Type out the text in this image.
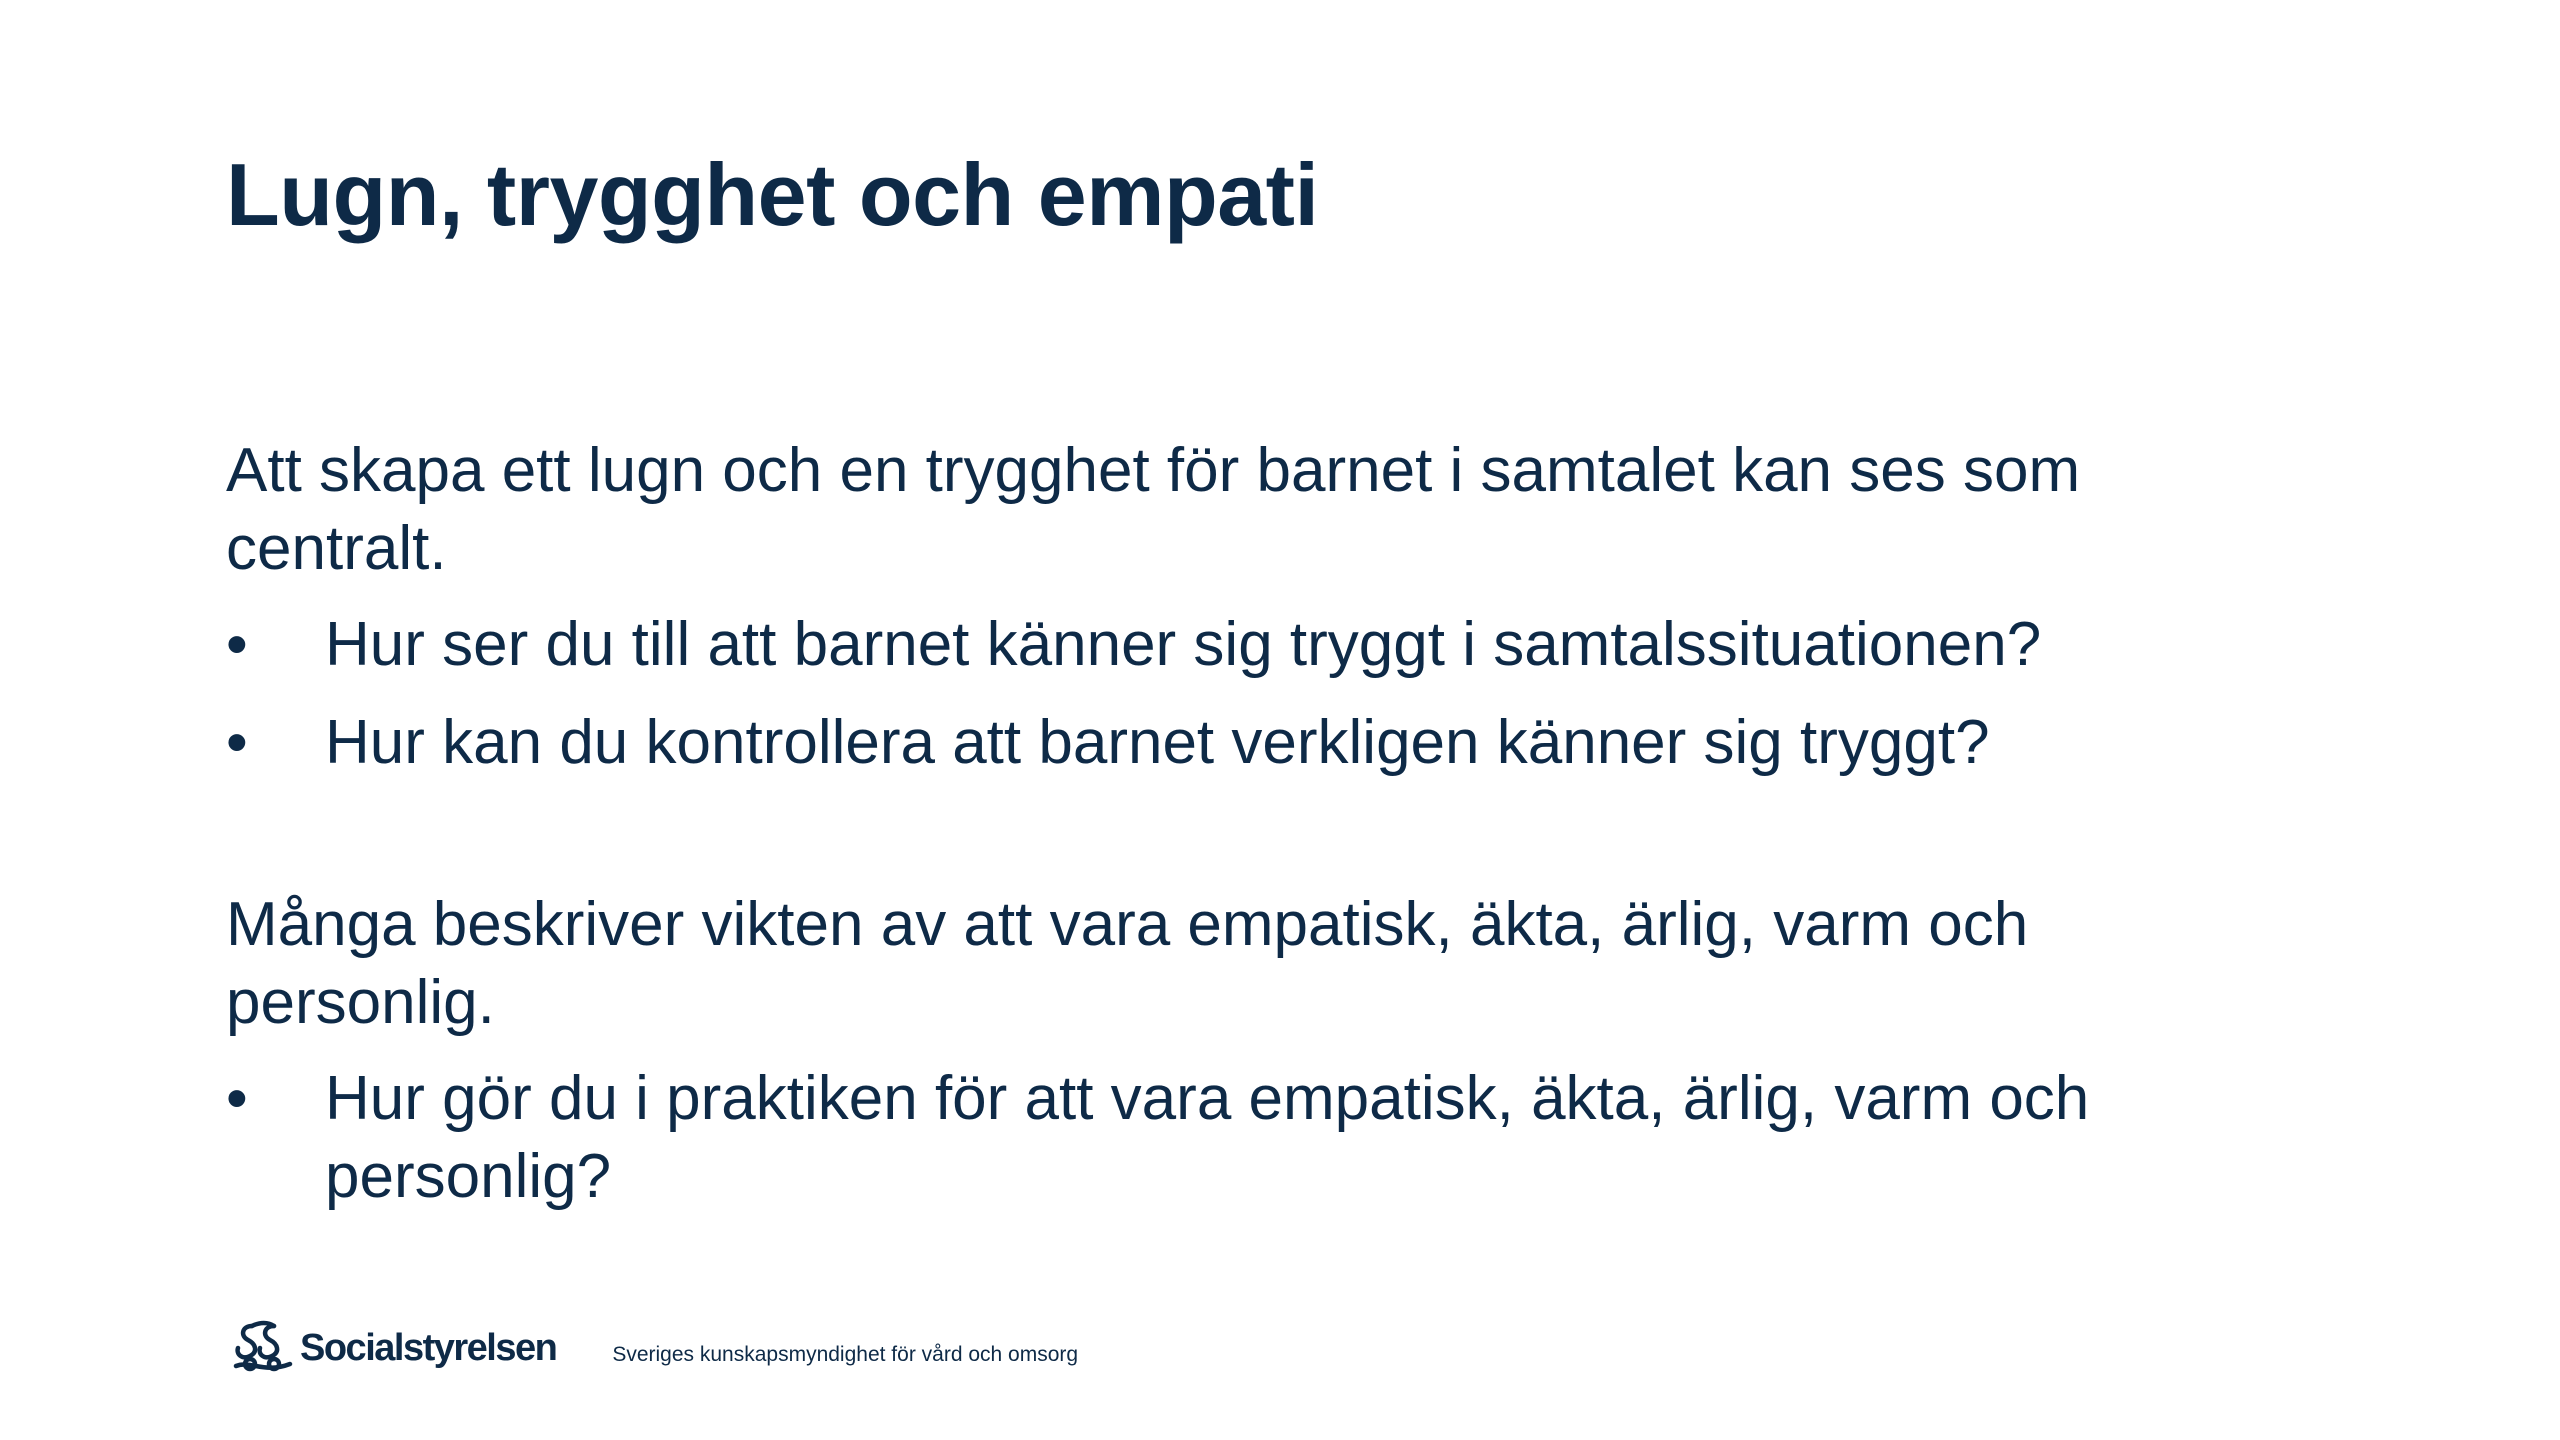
Lugn, trygghet och empati

Att skapa ett lugn och en trygghet för barnet i samtalet kan ses som centralt.

• Hur ser du till att barnet känner sig tryggt i samtalssituationen?
• Hur kan du kontrollera att barnet verkligen känner sig tryggt?

Många beskriver vikten av att vara empatisk, äkta, ärlig, varm och personlig.

• Hur gör du i praktiken för att vara empatisk, äkta, ärlig, varm och personlig?
Socialstyrelsen	Sveriges kunskapsmyndighet för vård och omsorg
